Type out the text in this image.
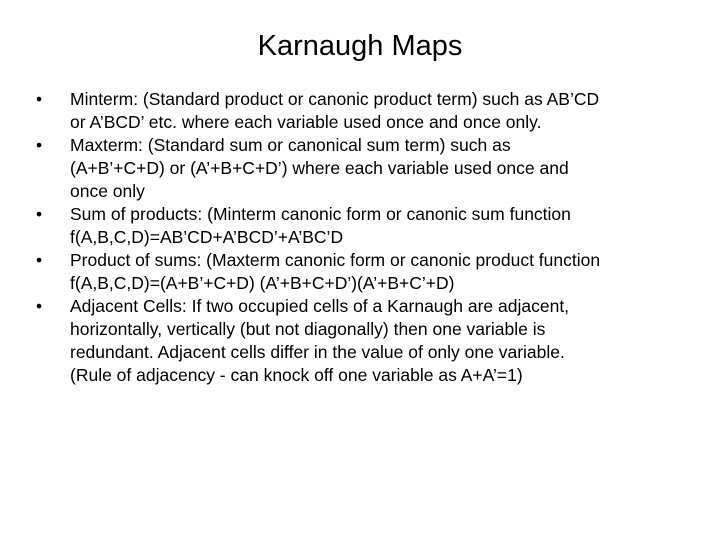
Karnaugh Maps
• Minterm: (Standard product or canonic product term) such as AB’CD
or A’BCD’ etc. where each variable used once and once only.
• Maxterm: (Standard sum or canonical sum term) such as
(A+B’+C+D) or (A’+B+C+D’) where each variable used once and
once only
• Sum of products: (Minterm canonic form or canonic sum function
f(A,B,C,D)=AB’CD+A’BCD’+A’BC’D
• Product of sums: (Maxterm canonic form or canonic product function
f(A,B,C,D)=(A+B’+C+D) (A’+B+C+D’)(A’+B+C’+D)
• Adjacent Cells: If two occupied cells of a Karnaugh are adjacent,
horizontally, vertically (but not diagonally) then one variable is
redundant. Adjacent cells differ in the value of only one variable.
(Rule of adjacency - can knock off one variable as A+A’=1)
